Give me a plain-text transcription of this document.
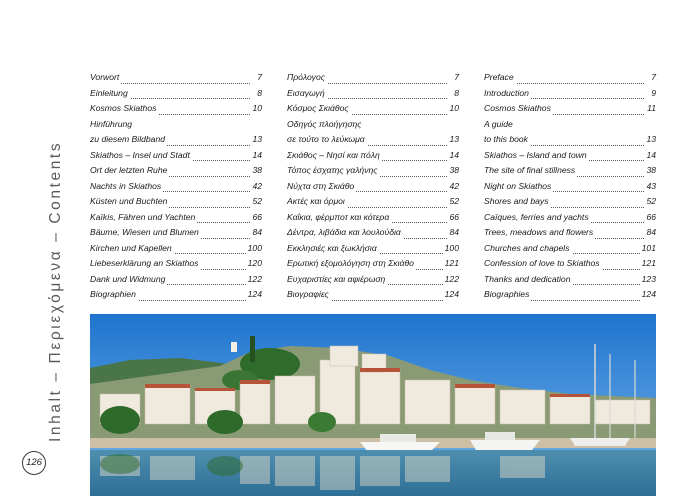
Inhalt – Περιεχόμενα – Contents
126
Vorwort	7
Einleitung	8
Kosmos Skiathos	10
Hinführung
zu diesem Bildband	13
Skiathos – Insel und Stadt	14
Ort der letzten Ruhe	38
Nachts in Skiathos	42
Küsten und Buchten	52
Kaïkis, Fähren und Yachten	66
Bäume, Wiesen und Blumen	84
Kirchen und Kapellen	100
Liebeserklärung an Skiathos	120
Dank und Widmung	122
Biographien	124
Πρόλογος	7
Εισαγωγή	8
Κόσμος Σκιάθος	10
Οδηγός πλοήγησης
σε τούτο το λεύκωμα	13
Σκιάθος – Νησί και πόλη	14
Τόπος έσχατης γαλήνης	38
Νύχτα στη Σκιάθο	42
Ακτές και όρμοι	52
Καΐκια, φέρμποτ και κότερα	66
Δέντρα, λιβάδια και λουλούδια	84
Εκκλησιές και ξωκλήσια	100
Ερωτική εξομολόγηση στη Σκιάθο	121
Ευχαριστίες και αφιέρωση	122
Βιογραφίες	124
Preface	7
Introduction	9
Cosmos Skiathos	11
A guide
to this book	13
Skiathos – Island and town	14
The site of final stillness	38
Night on Skiathos	43
Shores and bays	52
Caïques, ferries and yachts	66
Trees, meadows and flowers	84
Churches and chapels	101
Confession of love to Skiathos	121
Thanks and dedication	123
Biographies	124
